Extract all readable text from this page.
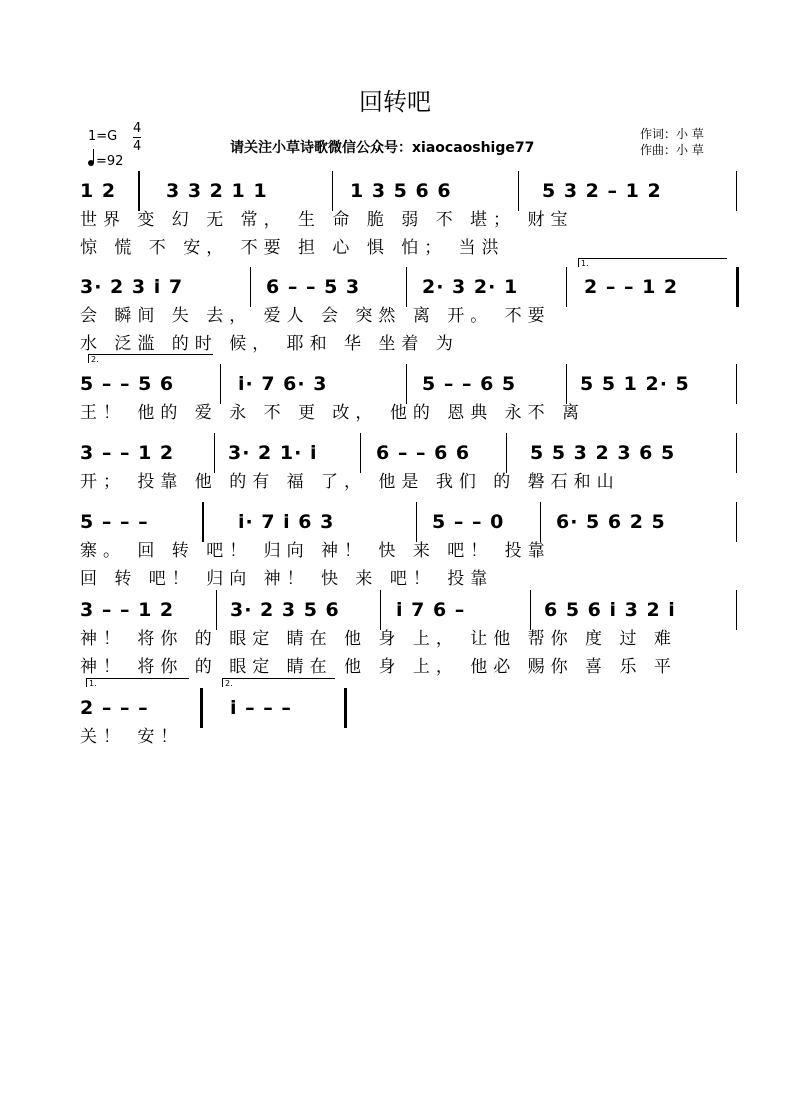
回转吧
$1=G \frac{4}{4}$
=92
请关注小草诗歌微信公众号：xiaocaoshige77
作词：小 草
作曲：小 草
1 2	3 3 2 1 1	1 3 5 6 6	5 3 2 – 1 2
世界 变 幻 无 常， 生 命 脆 弱 不 堪； 财宝
惊 慌 不 安， 不要 担 心 惧 怕； 当洪
1.
3· 2 3 i 7	6 – – 5 3	2· 3 2· 1	2 – – 1 2
会 瞬间 失 去， 爱人 会 突然 离 开。 不要
水 泛滥 的时 候， 耶和 华 坐着 为
2.
5 – – 5 6	i· 7 6· 3	5 – – 6 5	5 5 1 2· 5
王！ 他的 爱 永 不 更 改， 他的 恩典 永不 离
3 – – 1 2	3· 2 1· i	6 – – 6 6	5 5 3 2 3 6 5
开； 投靠 他 的有 福 了， 他是 我们 的 磐石和山
5 – – –	i· 7 i 6 3	5 – – 0	6· 5 6 2 5
寨。 回 转 吧！ 归向 神！ 快 来 吧！ 投靠
回 转 吧！ 归向 神！ 快 来 吧！ 投靠
3 – – 1 2	3· 2 3 5 6	i 7 6 –	6 5 6 i 3 2 i
神！ 将你 的 眼定 睛在 他 身 上， 让他 帮你 度 过 难
神！ 将你 的 眼定 睛在 他 身 上， 他必 赐你 喜 乐 平
1.	2.
2 – – –	i – – –
关！ 安！
